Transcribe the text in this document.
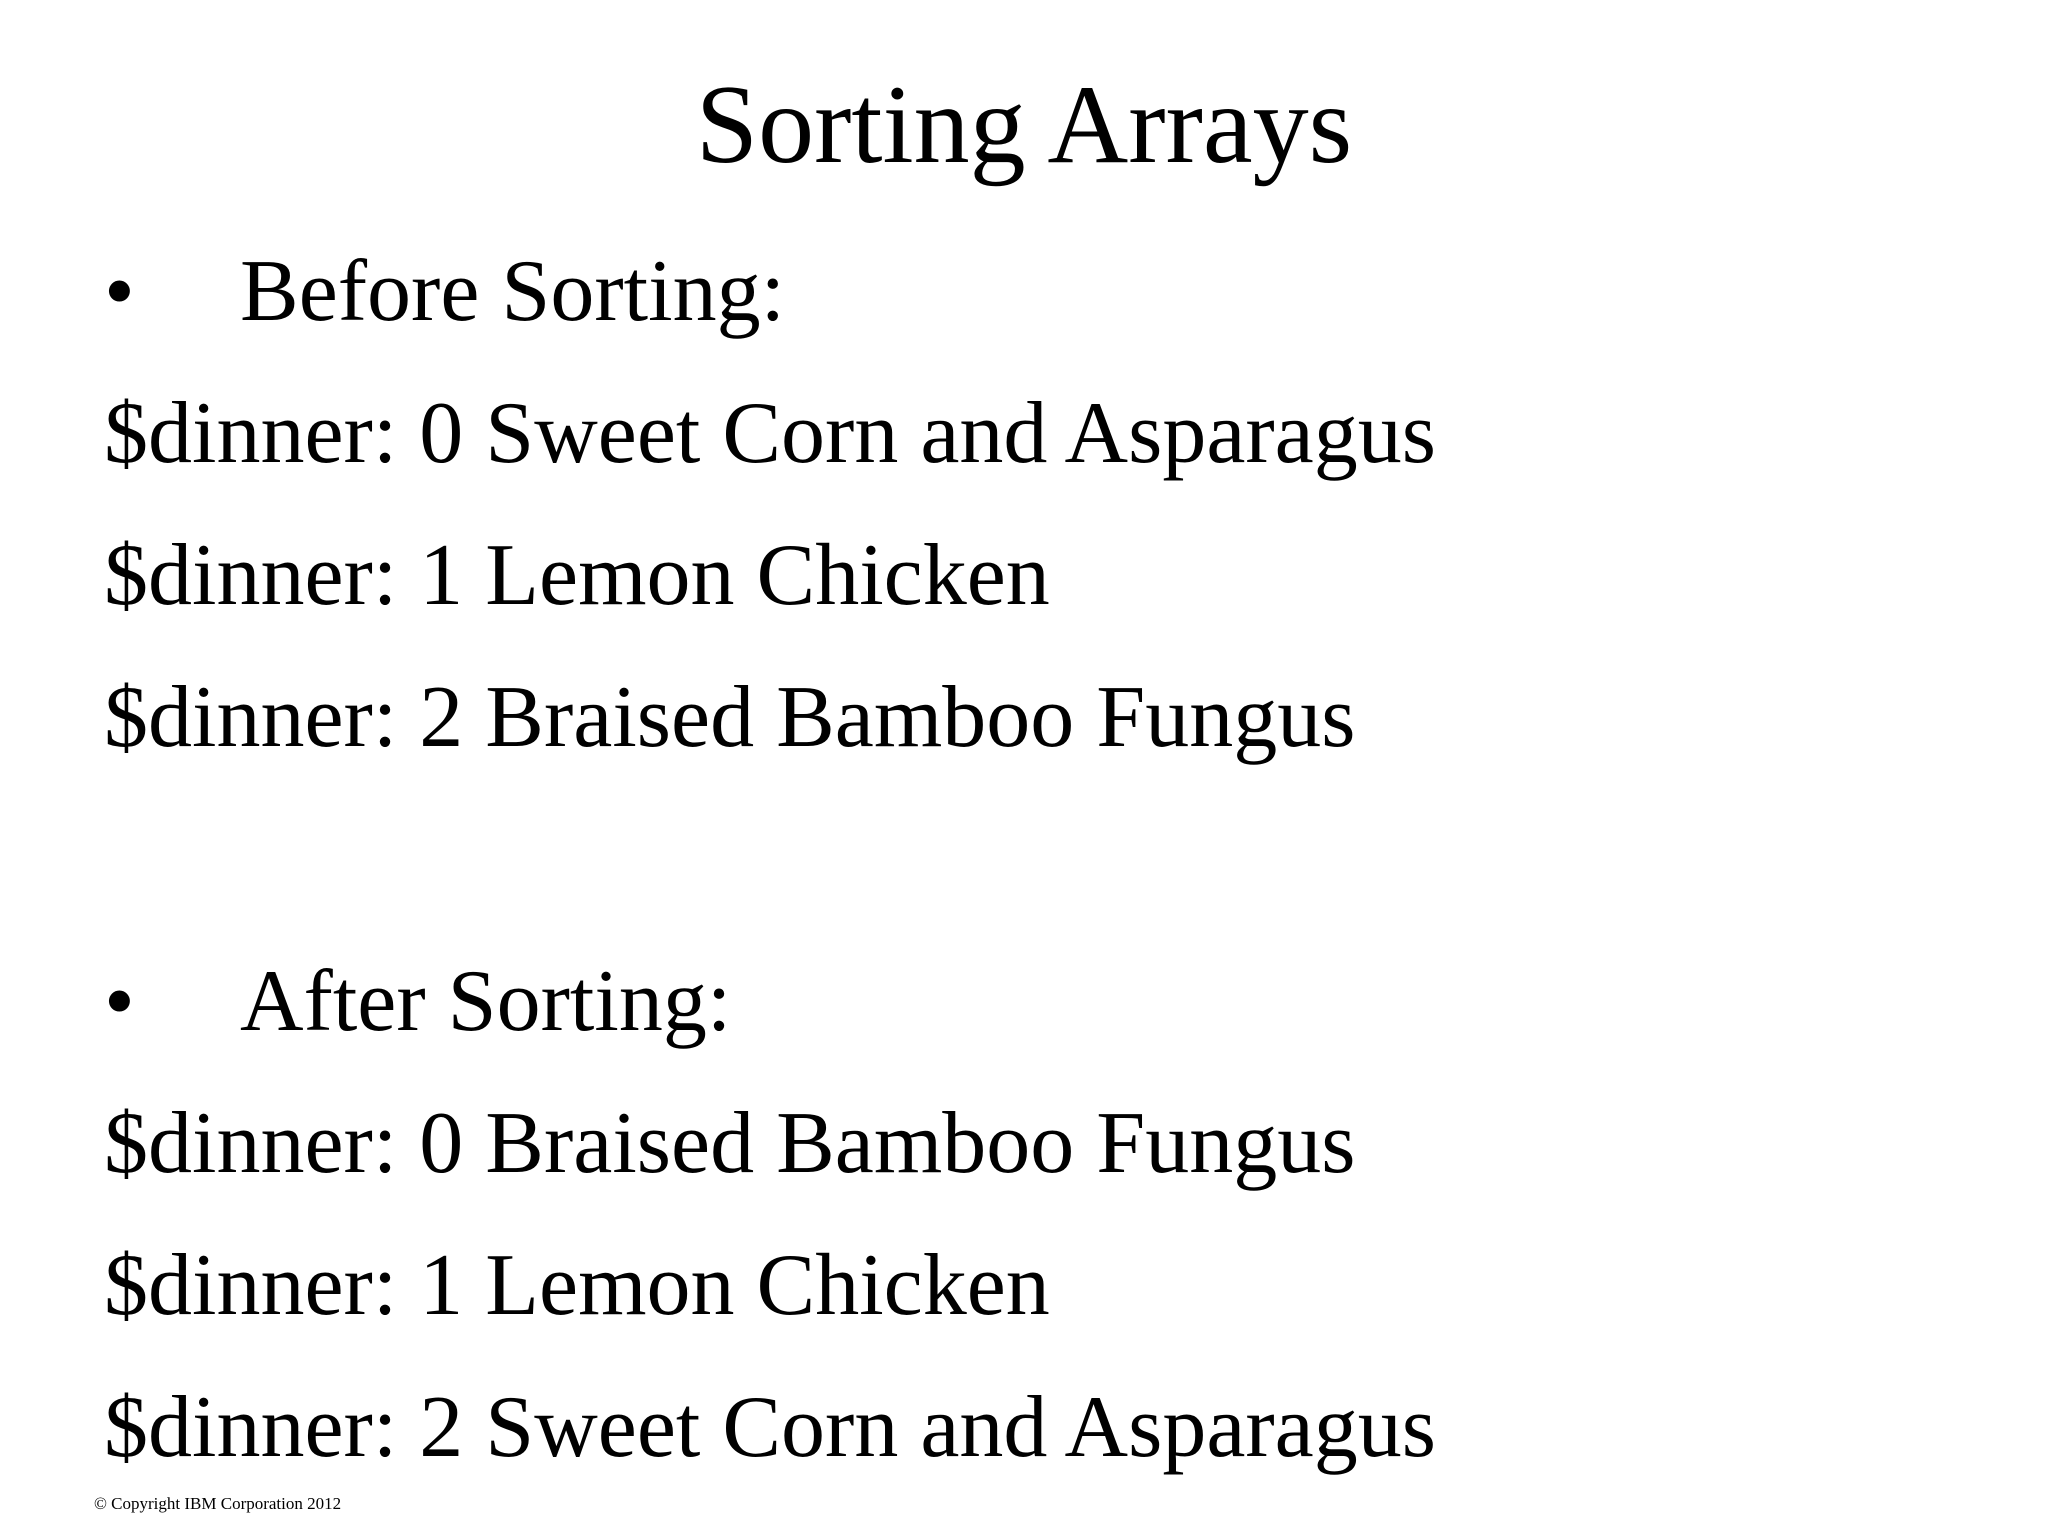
Sorting Arrays
• Before Sorting:
$dinner: 0 Sweet Corn and Asparagus
$dinner: 1 Lemon Chicken
$dinner: 2 Braised Bamboo Fungus
• After Sorting:
$dinner: 0 Braised Bamboo Fungus
$dinner: 1 Lemon Chicken
$dinner: 2 Sweet Corn and Asparagus
© Copyright IBM Corporation 2012
